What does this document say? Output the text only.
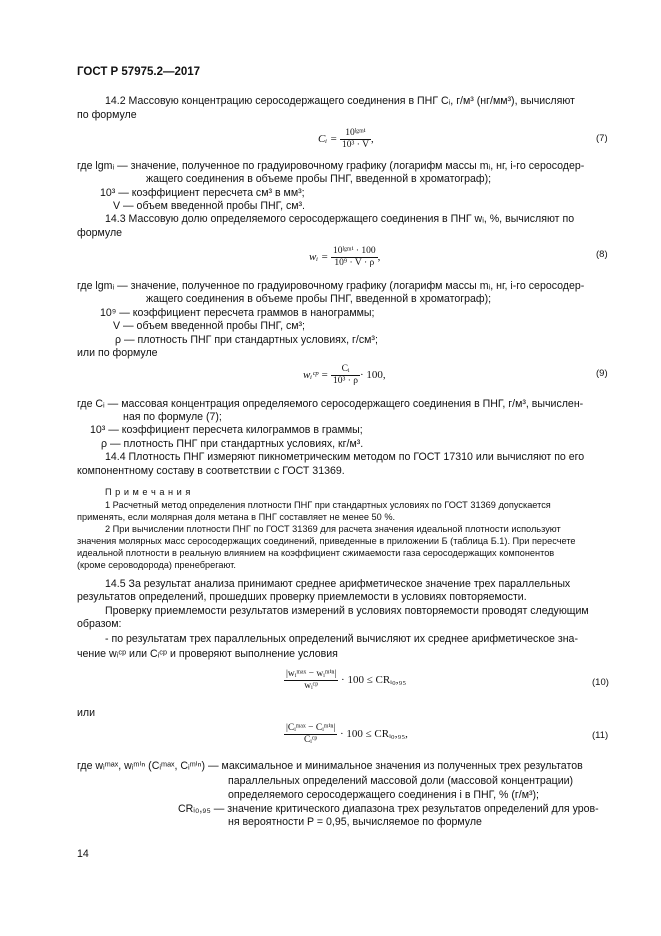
ГОСТ Р 57975.2—2017
14.2 Массовую концентрацию серосодержащего соединения в ПНГ Cᵢ, г/м³ (нг/мм³), вычисляют
по формуле
Cᵢ = $\frac{\text{10ˡᵍᵐⁱ}}{\text{10³ · V}}$ ,	(7)
где lgmᵢ — значение, полученное по градуировочному графику (логарифм массы mᵢ, нг, i-го серосодер-
жащего соединения в объеме пробы ПНГ, введенной в хроматограф);
10³ — коэффициент пересчета см³ в мм³;
V — объем введенной пробы ПНГ, см³.
14.3 Массовую долю определяемого серосодержащего соединения в ПНГ wᵢ, %, вычисляют по
формуле
wᵢ = $\frac{\text{10ˡᵍᵐⁱ · 100}}{\text{10⁹ · V · ρ}}$ ,	(8)
где lgmᵢ — значение, полученное по градуировочному графику (логарифм массы mᵢ, нг, i-го серосодер-
жащего соединения в объеме пробы ПНГ, введенной в хроматограф);
10⁹ — коэффициент пересчета граммов в нанограммы;
V — объем введенной пробы ПНГ, см³;
ρ — плотность ПНГ при стандартных условиях, г/см³;
или по формуле
wᵢᶜᵖ = $\frac{\text{Cᵢ}}{\text{10³ · ρ}} \cdot 100$,	(9)
где Cᵢ — массовая концентрация определяемого серосодержащего соединения в ПНГ, г/м³, вычислен-
ная по формуле (7);
10³ — коэффициент пересчета килограммов в граммы;
ρ — плотность ПНГ при стандартных условиях, кг/м³.
14.4 Плотность ПНГ измеряют пикнометрическим методом по ГОСТ 17310 или вычисляют по его
компонентному составу в соответствии с ГОСТ 31369.
П р и м е ч а н и я
1 Расчетный метод определения плотности ПНГ при стандартных условиях по ГОСТ 31369 допускается
применять, если молярная доля метана в ПНГ составляет не менее 50 %.
2 При вычислении плотности ПНГ по ГОСТ 31369 для расчета значения идеальной плотности используют
значения молярных масс серосодержащих соединений, приведенные в приложении Б (таблица Б.1). При пересчете
идеальной плотности в реальную влиянием на коэффициент сжимаемости газа серосодержащих компонентов
(кроме сероводорода) пренебрегают.
14.5 За результат анализа принимают среднее арифметическое значение трех параллельных
результатов определений, прошедших проверку приемлемости в условиях повторяемости.
Проверку приемлемости результатов измерений в условиях повторяемости проводят следующим
образом:
- по результатам трех параллельных определений вычисляют их среднее арифметическое зна-
чение wᵢᶜᵖ или Cᵢᶜᵖ и проверяют выполнение условия
$\frac{\text{|wᵢᵐᵃˣ − wᵢᵐⁱⁿ|}}{\text{wᵢᶜᵖ}} \cdot 100$ ≤ CRᵢ₀,₉₅	(10)
или
$\frac{\text{|Cᵢᵐᵃˣ − Cᵢᵐⁱⁿ|}}{\text{Cᵢᶜᵖ}} \cdot 100$ ≤ CRᵢ₀,₉₅,	(11)
где wᵢᵐᵃˣ, wᵢᵐⁱⁿ (Cᵢᵐᵃˣ, Cᵢᵐⁱⁿ) — максимальное и минимальное значения из полученных трех результатов
параллельных определений массовой доли (массовой концентрации)
определяемого серосодержащего соединения i в ПНГ, % (г/м³);
CRᵢ₀,₉₅ — значение критического диапазона трех результатов определений для уров-
ня вероятности P = 0,95, вычисляемое по формуле
14
